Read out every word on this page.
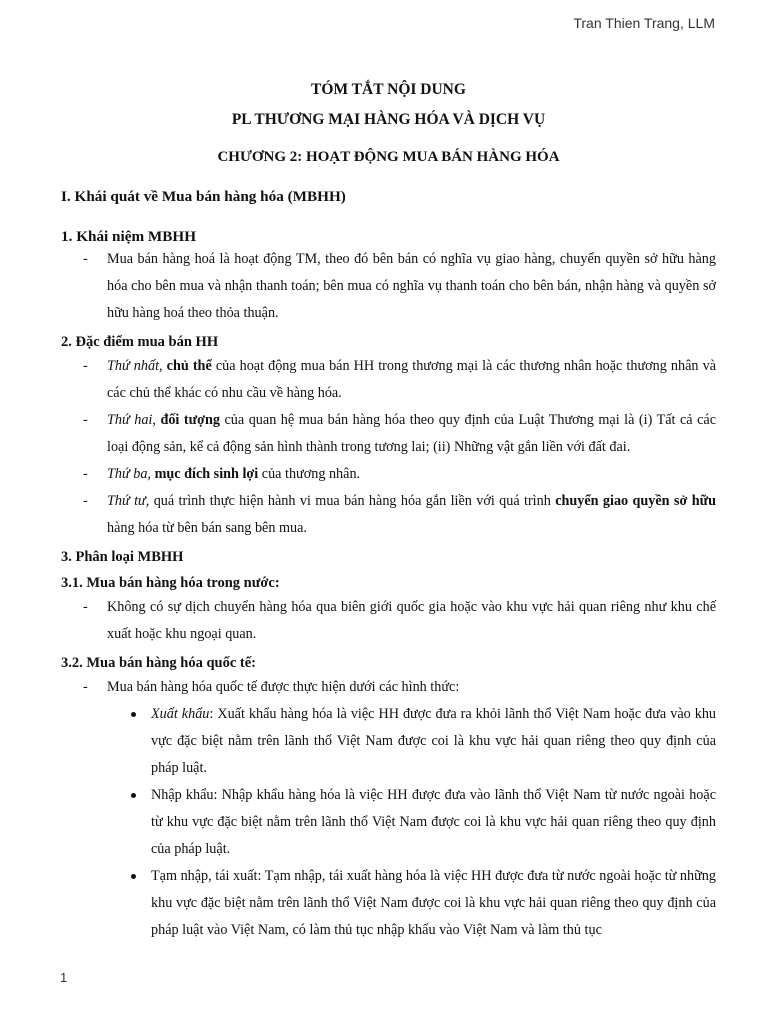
Tran Thien Trang, LLM
TÓM TẮT NỘI DUNG
PL THƯƠNG MẠI HÀNG HÓA VÀ DỊCH VỤ
CHƯƠNG 2: HOẠT ĐỘNG MUA BÁN HÀNG HÓA
I. Khái quát về Mua bán hàng hóa (MBHH)
1. Khái niệm MBHH
- Mua bán hàng hoá là hoạt động TM, theo đó bên bán có nghĩa vụ giao hàng, chuyển quyền sở hữu hàng hóa cho bên mua và nhận thanh toán; bên mua có nghĩa vụ thanh toán cho bên bán, nhận hàng và quyền sở hữu hàng hoá theo thỏa thuận.
2. Đặc điểm mua bán HH
- Thứ nhất, chủ thể của hoạt động mua bán HH trong thương mại là các thương nhân hoặc thương nhân và các chủ thể khác có nhu cầu về hàng hóa.
- Thứ hai, đối tượng của quan hệ mua bán hàng hóa theo quy định của Luật Thương mại là (i) Tất cả các loại động sản, kể cả động sản hình thành trong tương lai; (ii) Những vật gắn liền với đất đai.
- Thứ ba, mục đích sinh lợi của thương nhân.
- Thứ tư, quá trình thực hiện hành vi mua bán hàng hóa gắn liền với quá trình chuyển giao quyền sở hữu hàng hóa từ bên bán sang bên mua.
3. Phân loại MBHH
3.1. Mua bán hàng hóa trong nước:
- Không có sự dịch chuyển hàng hóa qua biên giới quốc gia hoặc vào khu vực hải quan riêng như khu chế xuất hoặc khu ngoại quan.
3.2. Mua bán hàng hóa quốc tế:
- Mua bán hàng hóa quốc tế được thực hiện dưới các hình thức:
Xuất khẩu: Xuất khẩu hàng hóa là việc HH được đưa ra khỏi lãnh thổ Việt Nam hoặc đưa vào khu vực đặc biệt nằm trên lãnh thổ Việt Nam được coi là khu vực hải quan riêng theo quy định của pháp luật.
Nhập khẩu: Nhập khẩu hàng hóa là việc HH được đưa vào lãnh thổ Việt Nam từ nước ngoài hoặc từ khu vực đặc biệt nằm trên lãnh thổ Việt Nam được coi là khu vực hải quan riêng theo quy định của pháp luật.
Tạm nhập, tái xuất: Tạm nhập, tái xuất hàng hóa là việc HH được đưa từ nước ngoài hoặc từ những khu vực đặc biệt nằm trên lãnh thổ Việt Nam được coi là khu vực hải quan riêng theo quy định của pháp luật vào Việt Nam, có làm thủ tục nhập khẩu vào Việt Nam và làm thủ tục
1
